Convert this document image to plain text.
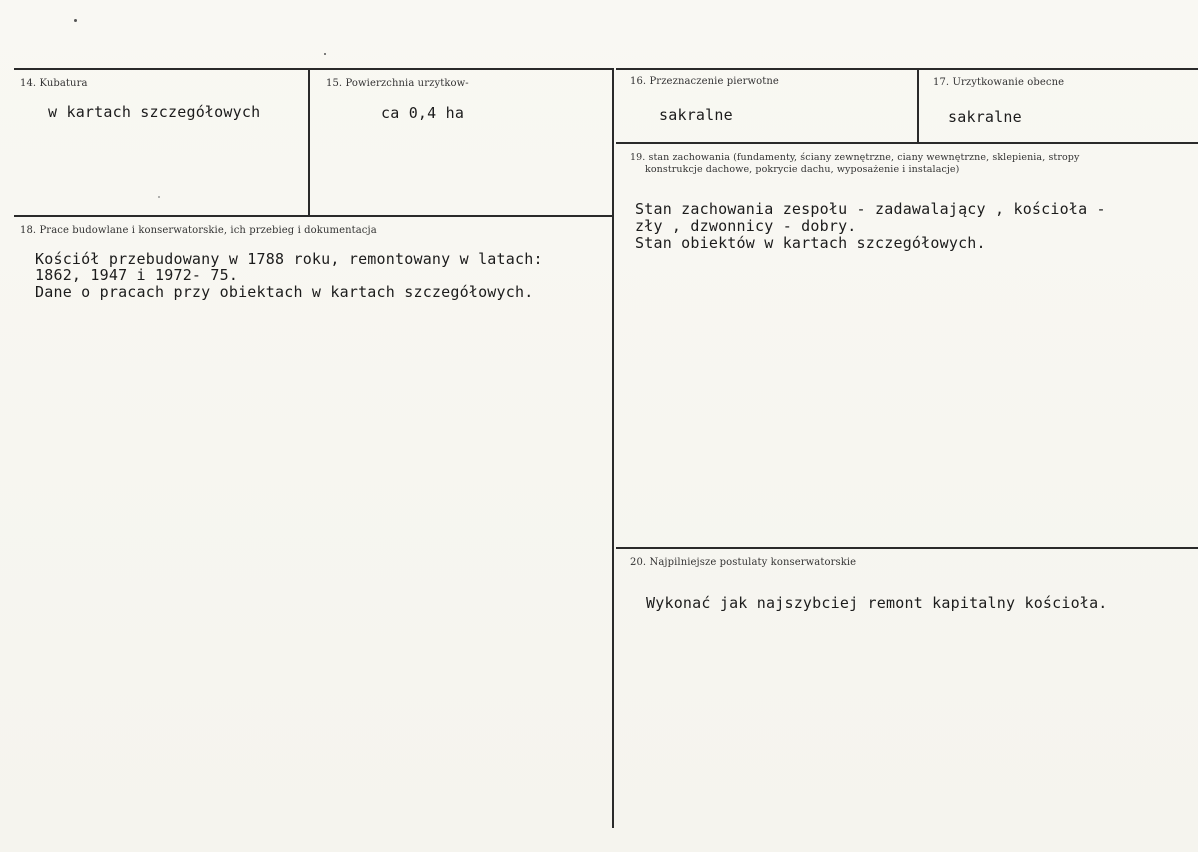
14. Kubatura
w kartach szczegółowych
15. Powierzchnia urzytkow-
ca 0,4 ha
16. Przeznaczenie pierwotne
sakralne
17. Urzytkowanie obecne
sakralne
18. Prace budowlane i konserwatorskie, ich przebieg i dokumentacja
Kościół przebudowany w 1788 roku, remontowany w latach:
1862, 1947 i 1972- 75.
Dane o pracach przy obiektach w kartach szczegółowych.
19. stan zachowania (fundamenty, ściany zewnętrzne, ciany wewnętrzne, sklepienia, stropy
konstrukcje dachowe, pokrycie dachu, wyposażenie i instalacje)
Stan zachowania zespołu - zadawalający , kościoła -
zły , dzwonnicy - dobry.
Stan obiektów w kartach szczegółowych.
20. Najpilniejsze postulaty konserwatorskie
Wykonać jak najszybciej remont kapitalny kościoła.
